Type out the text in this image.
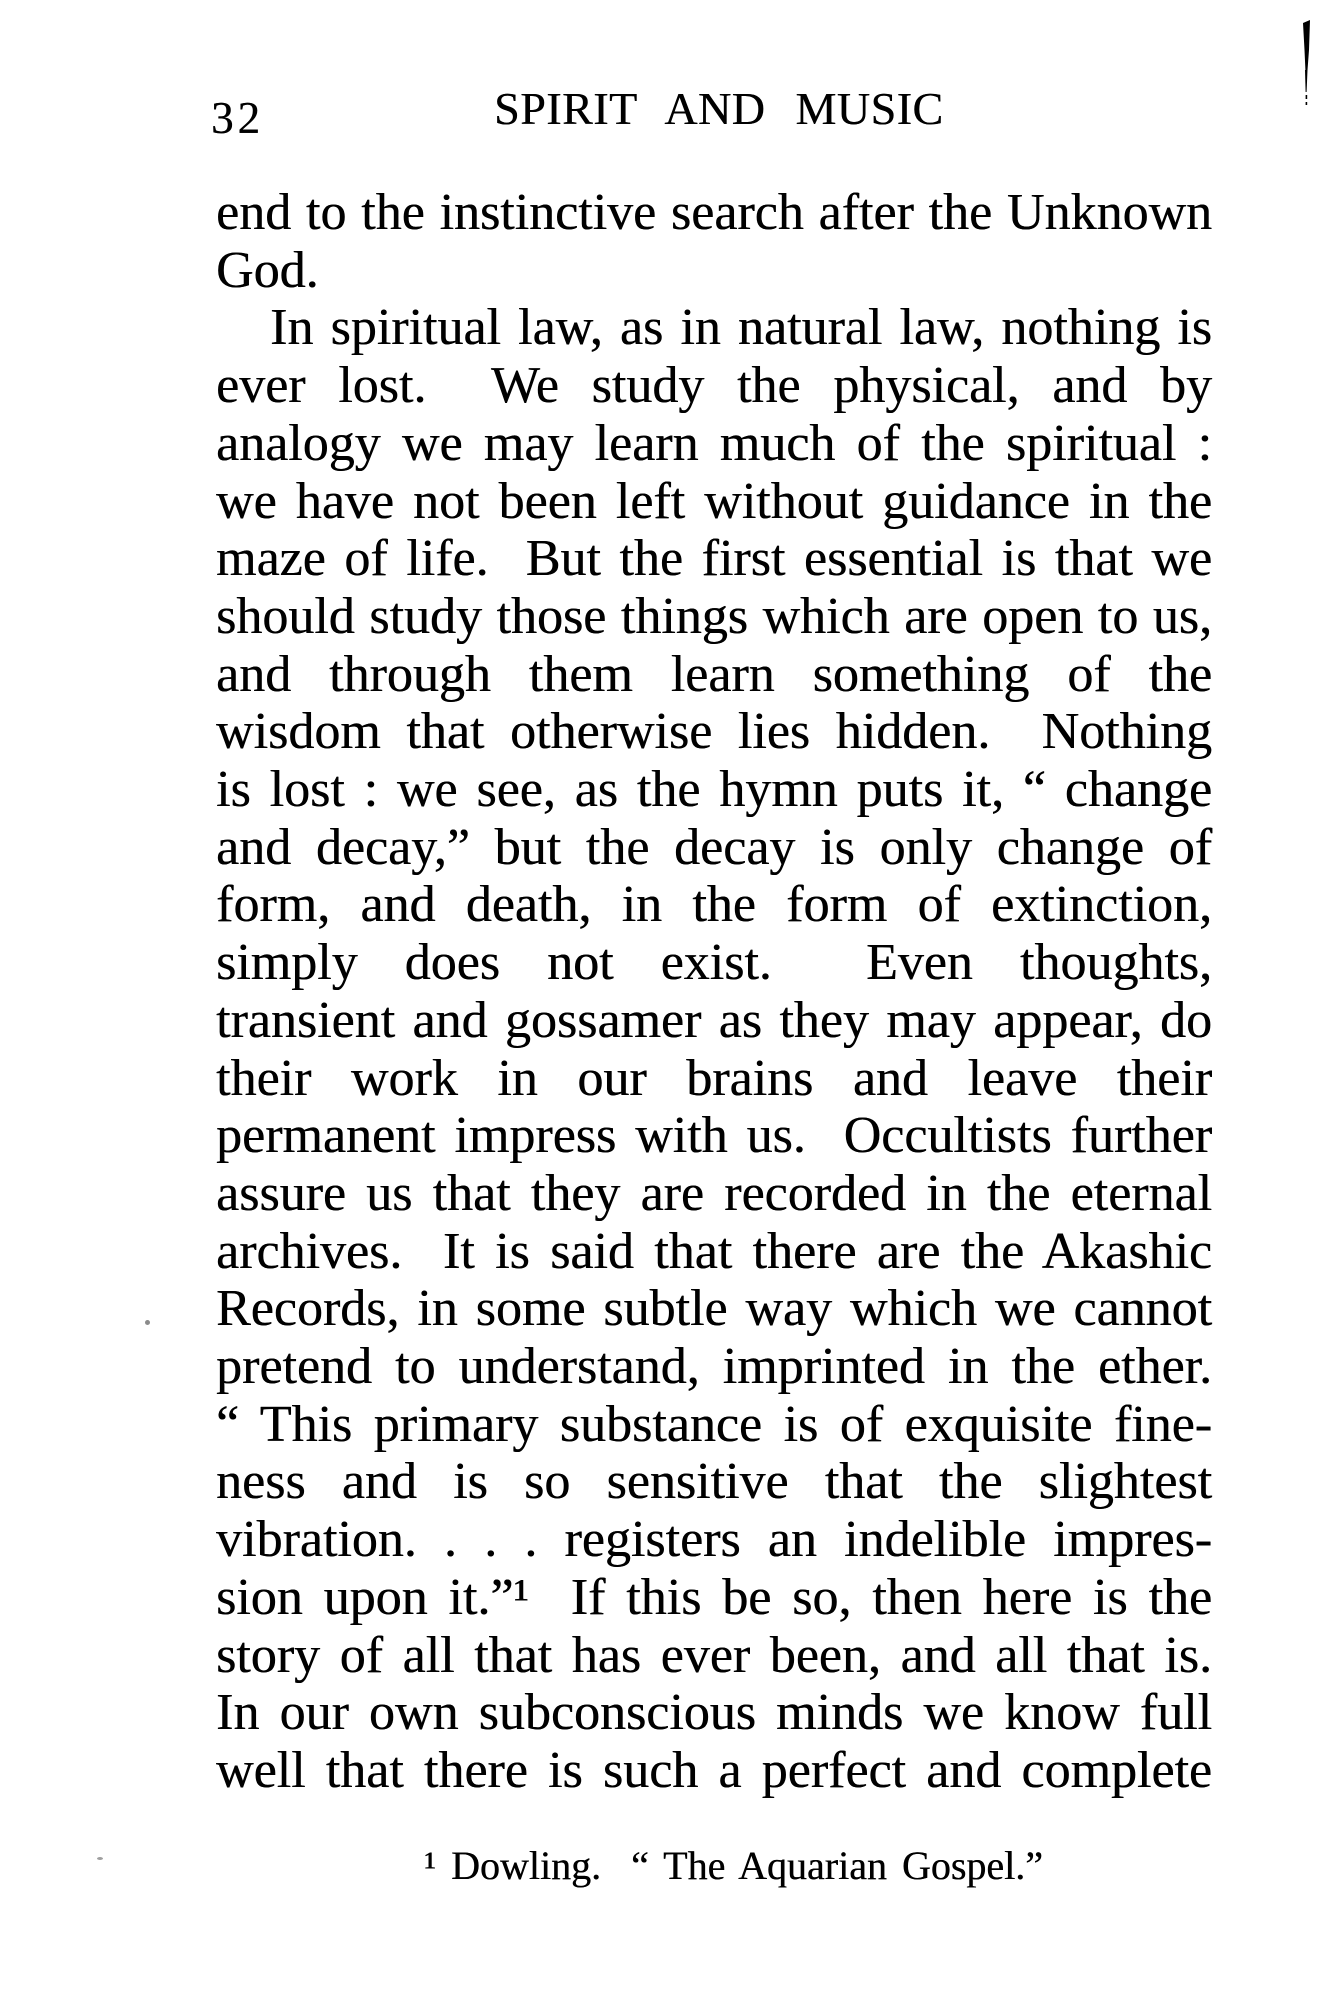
32	SPIRIT AND MUSIC
end to the instinctive search after the Unknown
God.
In spiritual law, as in natural law, nothing is
ever lost.  We study the physical, and by
analogy we may learn much of the spiritual :
we have not been left without guidance in the
maze of life.  But the first essential is that we
should study those things which are open to us,
and through them learn something of the
wisdom that otherwise lies hidden.  Nothing
is lost : we see, as the hymn puts it, “ change
and decay,” but the decay is only change of
form, and death, in the form of extinction,
simply does not exist.  Even thoughts,
transient and gossamer as they may appear, do
their work in our brains and leave their
permanent impress with us.  Occultists further
assure us that they are recorded in the eternal
archives.  It is said that there are the Akashic
Records, in some subtle way which we cannot
pretend to understand, imprinted in the ether.
“ This primary substance is of exquisite fine-
ness and is so sensitive that the slightest
vibration. . . . registers an indelible impres-
sion upon it.”¹  If this be so, then here is the
story of all that has ever been, and all that is.
In our own subconscious minds we know full
well that there is such a perfect and complete
¹ Dowling.  “ The Aquarian Gospel.”
